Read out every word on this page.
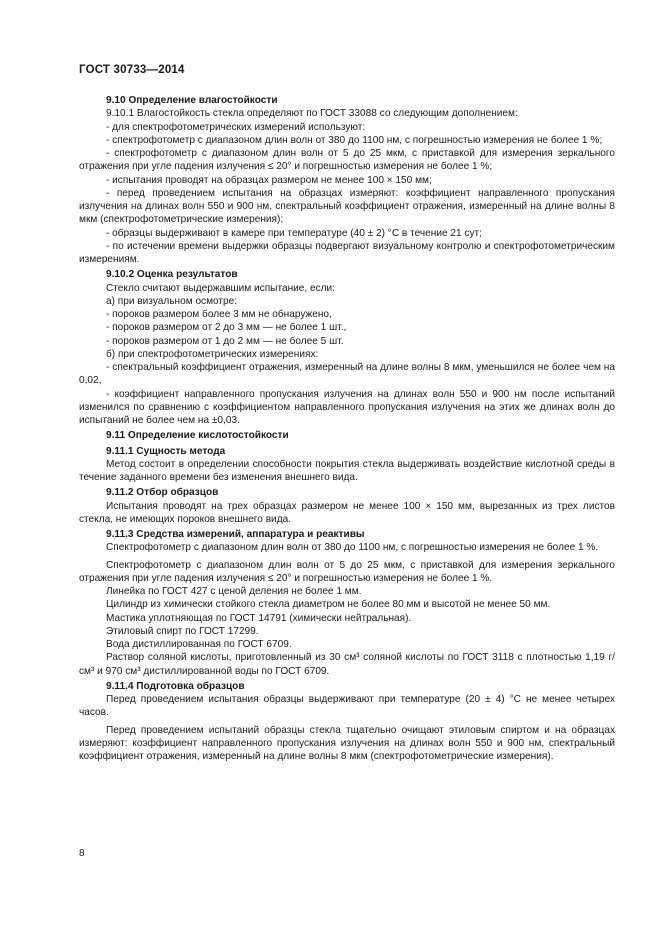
ГОСТ 30733—2014

9.10 Определение влагостойкости

9.10.1 Влагостойкость стекла определяют по ГОСТ 33088 со следующим дополнением:

- для спектрофотометрических измерений используют:

- спектрофотометр с диапазоном длин волн от 380 до 1100 нм, с погрешностью измерения не более 1 %;

- спектрофотометр с диапазоном длин волн от 5 до 25 мкм, с приставкой для измерения зеркального отражения при угле падения излучения ≤ 20° и погрешностью измерения не более 1 %;

- испытания проводят на образцах размером не менее 100 × 150 мм;

- перед проведением испытания на образцах измеряют: коэффициент направленного пропускания излучения на длинах волн 550 и 900 нм, спектральный коэффициент отражения, измеренный на длине волны 8 мкм (спектрофотометрические измерения);

- образцы выдерживают в камере при температуре (40 ± 2) °С в течение 21 сут;

- по истечении времени выдержки образцы подвергают визуальному контролю и спектрофотометрическим измерениям.

9.10.2 Оценка результатов

Стекло считают выдержавшим испытание, если:

а) при визуальном осмотре:

- пороков размером более 3 мм не обнаружено,

- пороков размером от 2 до 3 мм — не более 1 шт.,

- пороков размером от 1 до 2 мм — не более 5 шт.

б) при спектрофотометрических измерениях:

- спектральный коэффициент отражения, измеренный на длине волны 8 мкм, уменьшился не более чем на 0,02,

- коэффициент направленного пропускания излучения на длинах волн 550 и 900 нм после испытаний изменился по сравнению с коэффициентом направленного пропускания излучения на этих же длинах волн до испытаний не более чем на ±0,03.

9.11 Определение кислотостойкости

9.11.1 Сущность метода

Метод состоит в определении способности покрытия стекла выдерживать воздействие кислотной среды в течение заданного времени без изменения внешнего вида.

9.11.2 Отбор образцов

Испытания проводят на трех образцах размером не менее 100 × 150 мм, вырезанных из трех листов стекла, не имеющих пороков внешнего вида.

9.11.3 Средства измерений, аппаратура и реактивы

Спектрофотометр с диапазоном длин волн от 380 до 1100 нм, с погрешностью измерения не более 1 %.

Спектрофотометр с диапазоном длин волн от 5 до 25 мкм, с приставкой для измерения зеркального отражения при угле падения излучения ≤ 20° и погрешностью измерения не более 1 %.

Линейка по ГОСТ 427 с ценой деления не более 1 мм.

Цилиндр из химически стойкого стекла диаметром не более 80 мм и высотой не менее 50 мм.

Мастика уплотняющая по ГОСТ 14791 (химически нейтральная).

Этиловый спирт по ГОСТ 17299.

Вода дистиллированная по ГОСТ 6709.

Раствор соляной кислоты, приготовленный из 30 см³ соляной кислоты по ГОСТ 3118 с плотностью 1,19 г/см³ и 970 см³ дистиллированной воды по ГОСТ 6709.

9.11.4 Подготовка образцов

Перед проведением испытания образцы выдерживают при температуре (20 ± 4) °С не менее четырех часов.

Перед проведением испытаний образцы стекла тщательно очищают этиловым спиртом и на образцах измеряют: коэффициент направленного пропускания излучения на длинах волн 550 и 900 нм, спектральный коэффициент отражения, измеренный на длине волны 8 мкм (спектрофотометрические измерения).

8
